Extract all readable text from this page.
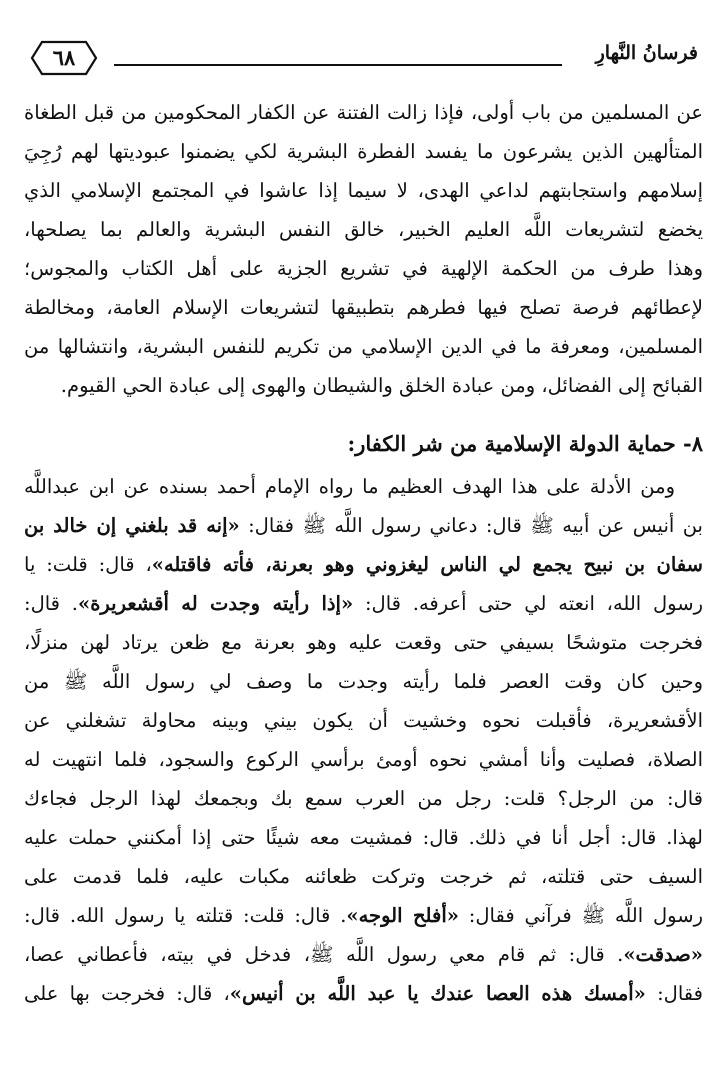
فرسانُ النَّهارِ
٦٨
عن المسلمين من باب أولى، فإذا زالت الفتنة عن الكفار المحكومين من قبل الطغاة
المتألهين الذين يشرعون ما يفسد الفطرة البشرية لكي يضمنوا عبوديتها لهم رُجِيَ
إسلامهم واستجابتهم لداعي الهدى، لا سيما إذا عاشوا في المجتمع الإسلامي الذي
يخضع لتشريعات اللَّه العليم الخبير، خالق النفس البشرية والعالم بما يصلحها،
وهذا طرف من الحكمة الإلهية في تشريع الجزية على أهل الكتاب والمجوس؛
لإعطائهم فرصة تصلح فيها فطرهم بتطبيقها لتشريعات الإسلام العامة، ومخالطة
المسلمين، ومعرفة ما في الدين الإسلامي من تكريم للنفس البشرية، وانتشالها من
القبائح إلى الفضائل، ومن عبادة الخلق والشيطان والهوى إلى عبادة الحي القيوم.
٨- حماية الدولة الإسلامية من شر الكفار:
ومن الأدلة على هذا الهدف العظيم ما رواه الإمام أحمد بسنده عن ابن عبداللَّه
بن أنيس عن أبيه ﷺ قال: دعاني رسول اللَّه ﷺ فقال: «إنه قد بلغني إن خالد بن
سفان بن نبيح يجمع لي الناس ليغزوني وهو بعرنة، فأته فاقتله»، قال: قلت: يا
رسول الله، انعته لي حتى أعرفه. قال: «إذا رأيته وجدت له أقشعريرة». قال:
فخرجت متوشحًا بسيفي حتى وقعت عليه وهو بعرنة مع ظعن يرتاد لهن منزلًا،
وحين كان وقت العصر فلما رأيته وجدت ما وصف لي رسول اللَّه ﷺ من
الأقشعريرة، فأقبلت نحوه وخشيت أن يكون بيني وبينه محاولة تشغلني عن
الصلاة، فصليت وأنا أمشي نحوه أومئ برأسي الركوع والسجود، فلما انتهيت له
قال: من الرجل؟ قلت: رجل من العرب سمع بك وبجمعك لهذا الرجل فجاءك
لهذا. قال: أجل أنا في ذلك. قال: فمشيت معه شيئًا حتى إذا أمكنني حملت عليه
السيف حتى قتلته، ثم خرجت وتركت ظعائنه مكبات عليه، فلما قدمت على
رسول اللَّه ﷺ فرآني فقال: «أفلح الوجه». قال: قلت: قتلته يا رسول الله. قال:
«صدقت». قال: ثم قام معي رسول اللَّه ﷺ، فدخل في بيته، فأعطاني عصا،
فقال: «أمسك هذه العصا عندك يا عبد اللَّه بن أنيس»، قال: فخرجت بها على
